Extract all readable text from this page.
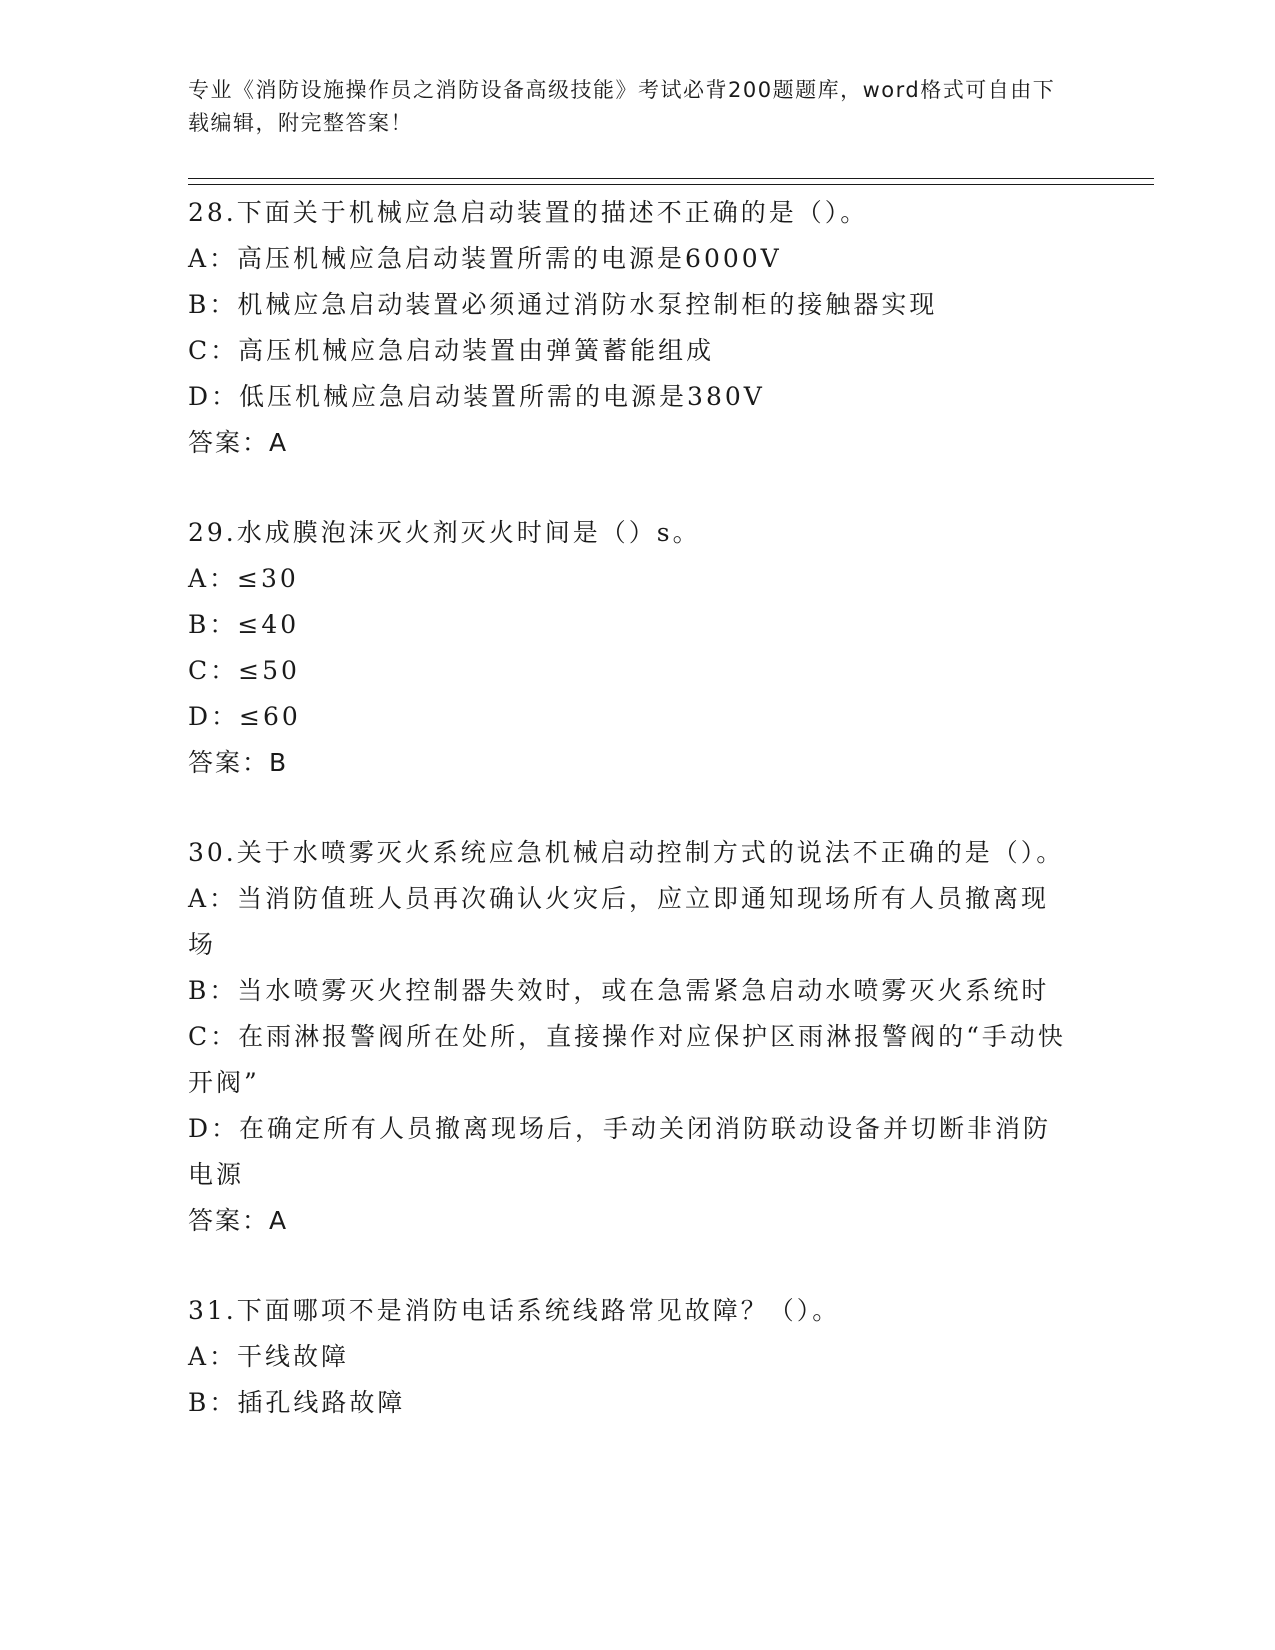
专业《消防设施操作员之消防设备高级技能》考试必背200题题库，word格式可自由下载编辑，附完整答案！
28.下面关于机械应急启动装置的描述不正确的是（）。
A：高压机械应急启动装置所需的电源是6000V
B：机械应急启动装置必须通过消防水泵控制柜的接触器实现
C：高压机械应急启动装置由弹簧蓄能组成
D：低压机械应急启动装置所需的电源是380V
答案：A
29.水成膜泡沫灭火剂灭火时间是（）s。
A：≤30
B：≤40
C：≤50
D：≤60
答案：B
30.关于水喷雾灭火系统应急机械启动控制方式的说法不正确的是（）。
A：当消防值班人员再次确认火灾后，应立即通知现场所有人员撤离现场
B：当水喷雾灭火控制器失效时，或在急需紧急启动水喷雾灭火系统时
C：在雨淋报警阀所在处所，直接操作对应保护区雨淋报警阀的“手动快开阀”
D：在确定所有人员撤离现场后，手动关闭消防联动设备并切断非消防电源
答案：A
31.下面哪项不是消防电话系统线路常见故障？（）。
A：干线故障
B：插孔线路故障
